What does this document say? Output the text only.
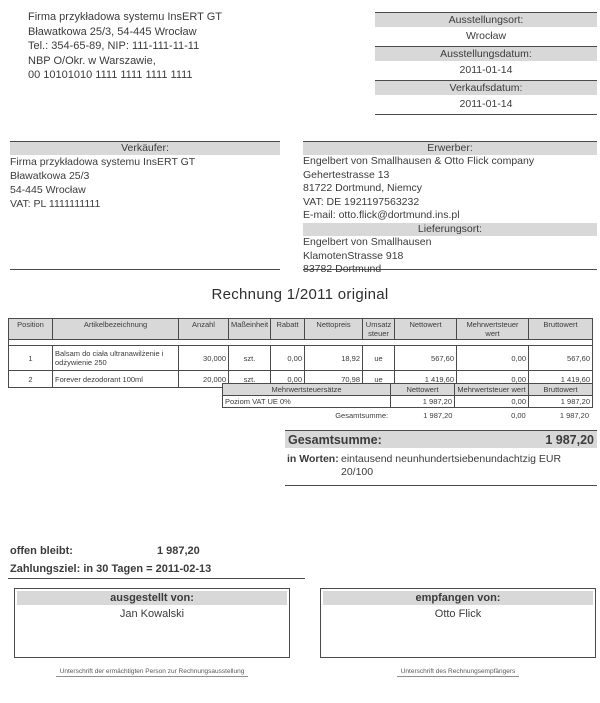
Firma przykładowa systemu InsERT GT
Bławatkowa 25/3, 54-445 Wrocław
Tel.: 354-65-89, NIP: 111-111-11-11
NBP O/Okr. w Warszawie,
00 10101010 1111 1111 1111 1111
Ausstellungsort:
Wrocław
Ausstellungsdatum:
2011-01-14
Verkaufsdatum:
2011-01-14
Verkäufer:
Firma przykładowa systemu InsERT GT
Bławatkowa 25/3
54-445 Wrocław
VAT: PL 1111111111
Erwerber:
Engelbert von Smallhausen & Otto Flick company
Gehertestrasse 13
81722 Dortmund, Niemcy
VAT: DE 1921197563232
E-mail: otto.flick@dortmund.ins.pl
Lieferungsort:
Engelbert von Smallhausen
KlamotenStrasse 918
83782 Dortmund
Rechnung 1/2011 original
Position	Artikelbezeichnung	Anzahl	Maßeinheit	Rabatt	Nettopreis	Umsatz steuer	Nettowert	Mehrwertsteuer wert	Bruttowert

1	Balsam do ciała ultranawilżenie i odżywienie 250	30,000	szt.	0,00	18,92	ue	567,60	0,00	567,60
2	Forever dezodorant 100ml	20,000	szt.	0,00	70,98	ue	1 419,60	0,00	1 419,60
Mehrwertsteuersätze	Nettowert	Mehrwertsteuer wert	Bruttowert
Poziom VAT UE 0%	1 987,20	0,00	1 987,20
Gesamtsumme:	1 987,20	0,00	1 987,20
Gesamtsumme:	1 987,20
in Worten: eintausend neunhundertsiebenundachtzig EUR 20/100
offen bleibt:	1 987,20
Zahlungsziel: in 30 Tagen = 2011-02-13
ausgestellt von:
Jan Kowalski
Unterschrift der ermächtigten Person zur Rechnungsausstellung
empfangen von:
Otto Flick
Unterschrift des Rechnungsempfängers
